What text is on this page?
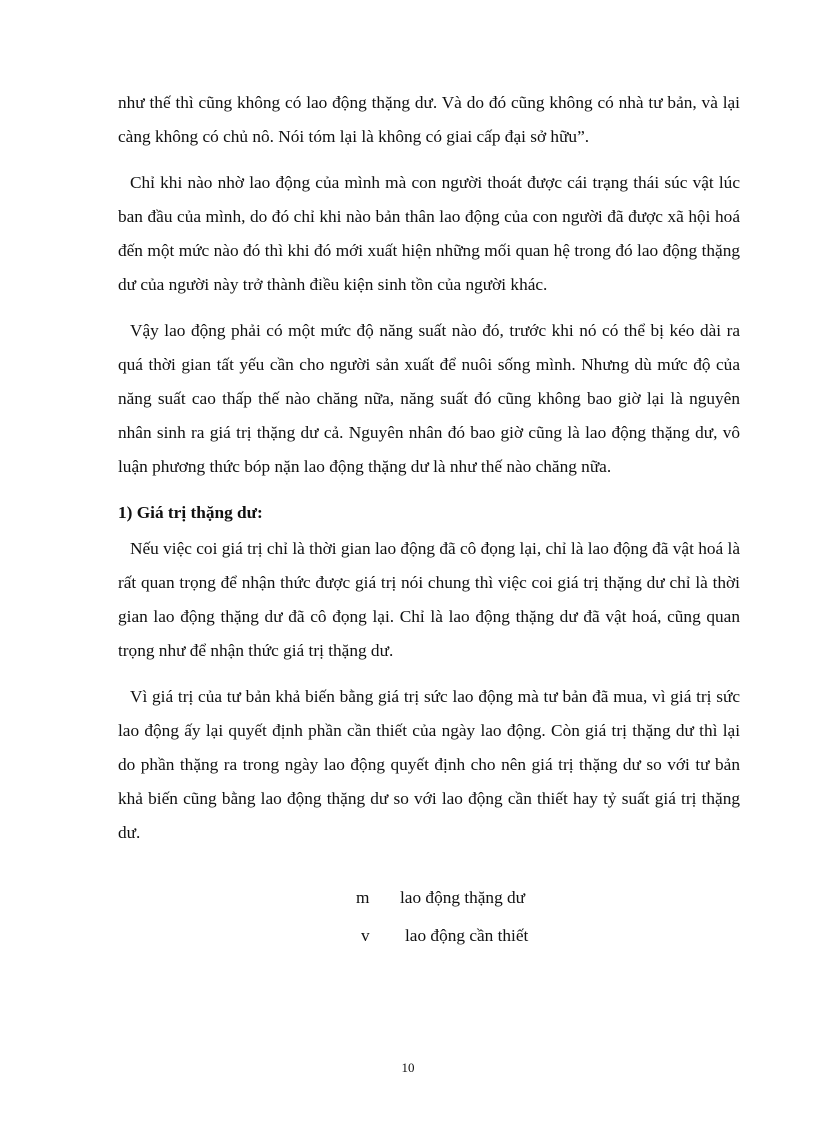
như thế thì cũng không có lao động thặng dư. Và do đó cũng không có nhà tư bản, và lại càng không có chủ nô. Nói tóm lại là không có giai cấp đại sở hữu”.

Chỉ khi nào nhờ lao động của mình mà con người thoát được cái trạng thái súc vật lúc ban đầu của mình, do đó chỉ khi nào bản thân lao động của con người đã được xã hội hoá đến một mức nào đó thì khi đó mới xuất hiện những mối quan hệ trong đó lao động thặng dư của người này trở thành điều kiện sinh tồn của người khác.

Vậy lao động phải có một mức độ năng suất nào đó, trước khi nó có thể bị kéo dài ra quá thời gian tất yếu cần cho người sản xuất để nuôi sống mình. Nhưng dù mức độ của năng suất cao thấp thế nào chăng nữa, năng suất đó cũng không bao giờ lại là nguyên nhân sinh ra giá trị thặng dư cả. Nguyên nhân đó bao giờ cũng là lao động thặng dư, vô luận phương thức bóp nặn lao động thặng dư là như thế nào chăng nữa.

1) Giá trị thặng dư:

Nếu việc coi giá trị chỉ là thời gian lao động đã cô đọng lại, chỉ là lao động đã vật hoá là rất quan trọng để nhận thức được giá trị nói chung thì việc coi giá trị thặng dư chỉ là thời gian lao động thặng dư đã cô đọng lại. Chỉ là lao động thặng dư đã vật hoá, cũng quan trọng như để nhận thức giá trị thặng dư.

Vì giá trị của tư bản khả biến bằng giá trị sức lao động mà tư bản đã mua, vì giá trị sức lao động ấy lại quyết định phần cần thiết của ngày lao động. Còn giá trị thặng dư thì lại do phần thặng ra trong ngày lao động quyết định cho nên giá trị thặng dư so với tư bản khả biến cũng bằng lao động thặng dư so với lao động cần thiết hay tỷ suất giá trị thặng dư.

m lao động thặng dư
v lao động cần thiết
10
